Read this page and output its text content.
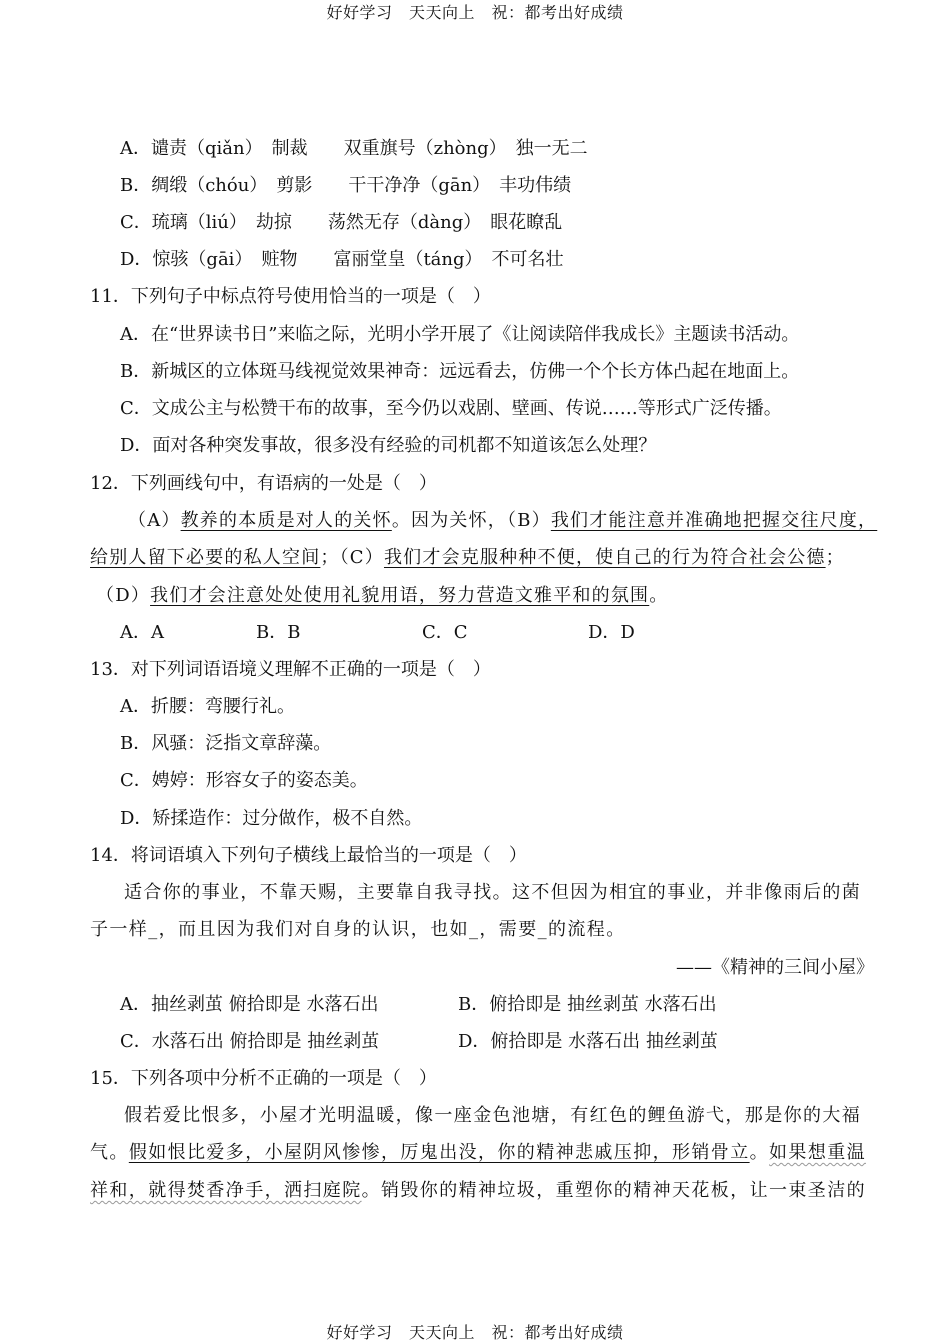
好好学习　天天向上　祝：都考出好成绩
A．谴责（qiǎn）　制裁　　双重旗号（zhòng）　独一无二
B．绸缎（chóu）　剪影　　干干净净（gān）　丰功伟绩
C．琉璃（liú）　劫掠　　荡然无存（dàng）　眼花瞭乱
D．惊骇（gāi）　赃物　　富丽堂皇（táng）　不可名壮
11．下列句子中标点符号使用恰当的一项是（　）
A．在“世界读书日”来临之际，光明小学开展了《让阅读陪伴我成长》主题读书活动。
B．新城区的立体斑马线视觉效果神奇：远远看去，仿佛一个个长方体凸起在地面上。
C．文成公主与松赞干布的故事，至今仍以戏剧、壁画、传说……等形式广泛传播。
D．面对各种突发事故，很多没有经验的司机都不知道该怎么处理？
12．下列画线句中，有语病的一处是（　）
（A）教养的本质是对人的关怀。因为关怀，（B）我们才能注意并准确地把握交往尺度，
给别人留下必要的私人空间；（C）我们才会克服种种不便，使自己的行为符合社会公德；
（D）我们才会注意处处使用礼貌用语，努力营造文雅平和的氛围。
A．A	B．B	C．C	D．D
13．对下列词语语境义理解不正确的一项是（　）
A．折腰：弯腰行礼。
B．风骚：泛指文章辞藻。
C．娉婷：形容女子的姿态美。
D．矫揉造作：过分做作，极不自然。
14．将词语填入下列句子横线上最恰当的一项是（　）
适合你的事业，不靠天赐，主要靠自我寻找。这不但因为相宜的事业，并非像雨后的菌
子一样_，而且因为我们对自身的认识，也如_，需要_的流程。
——《精神的三间小屋》
A．抽丝剥茧 俯拾即是 水落石出	B．俯拾即是 抽丝剥茧 水落石出
C．水落石出 俯拾即是 抽丝剥茧	D．俯拾即是 水落石出 抽丝剥茧
15．下列各项中分析不正确的一项是（　）
假若爱比恨多，小屋才光明温暖，像一座金色池塘，有红色的鲤鱼游弋，那是你的大福
气。假如恨比爱多，小屋阴风惨惨，厉鬼出没，你的精神悲戚压抑，形销骨立。如果想重温
祥和，就得焚香净手，洒扫庭院。销毁你的精神垃圾，重塑你的精神天花板，让一束圣洁的
好好学习　天天向上　祝：都考出好成绩
